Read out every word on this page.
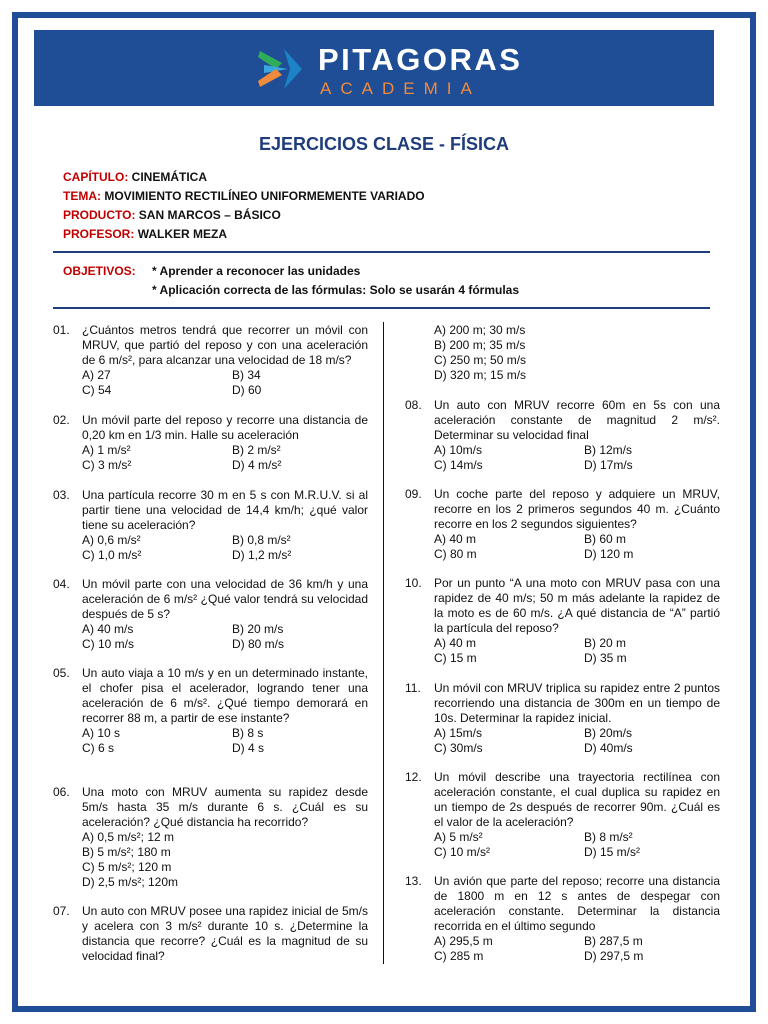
PITAGORAS
ACADEMIA
EJERCICIOS CLASE - FÍSICA
CAPÍTULO: CINEMÁTICA
TEMA: MOVIMIENTO RECTILÍNEO UNIFORMEMENTE VARIADO
PRODUCTO: SAN MARCOS – BÁSICO
PROFESOR: WALKER MEZA
OBJETIVOS: * Aprender a reconocer las unidades
* Aplicación correcta de las fórmulas: Solo se usarán 4 fórmulas
01. ¿Cuántos metros tendrá que recorrer un móvil con MRUV, que partió del reposo y con una aceleración de 6 m/s², para alcanzar una velocidad de 18 m/s?
A) 27	B) 34
C) 54	D) 60
02. Un móvil parte del reposo y recorre una distancia de 0,20 km en 1/3 min. Halle su aceleración
A) 1 m/s²	B) 2 m/s²
C) 3 m/s²	D) 4 m/s²
03. Una partícula recorre 30 m en 5 s con M.R.U.V. si al partir tiene una velocidad de 14,4 km/h; ¿qué valor tiene su aceleración?
A) 0,6 m/s²	B) 0,8 m/s²
C) 1,0 m/s²	D) 1,2 m/s²
04. Un móvil parte con una velocidad de 36 km/h y una aceleración de 6 m/s² ¿Qué valor tendrá su velocidad después de 5 s?
A) 40 m/s	B) 20 m/s
C) 10 m/s	D) 80 m/s
05. Un auto viaja a 10 m/s y en un determinado instante, el chofer pisa el acelerador, logrando tener una aceleración de 6 m/s². ¿Qué tiempo demorará en recorrer 88 m, a partir de ese instante?
A) 10 s	B) 8 s
C) 6 s	D) 4 s
06. Una moto con MRUV aumenta su rapidez desde 5m/s hasta 35 m/s durante 6 s. ¿Cuál es su aceleración? ¿Qué distancia ha recorrido?
A) 0,5 m/s²; 12 m
B) 5 m/s²; 180 m
C) 5 m/s²; 120 m
D) 2,5 m/s²; 120m
07. Un auto con MRUV posee una rapidez inicial de 5m/s y acelera con 3 m/s² durante 10 s. ¿Determine la distancia que recorre? ¿Cuál es la magnitud de su velocidad final?
A) 200 m; 30 m/s
B) 200 m; 35 m/s
C) 250 m; 50 m/s
D) 320 m; 15 m/s
08. Un auto con MRUV recorre 60m en 5s con una aceleración constante de magnitud 2 m/s². Determinar su velocidad final
A) 10m/s	B) 12m/s
C) 14m/s	D) 17m/s
09. Un coche parte del reposo y adquiere un MRUV, recorre en los 2 primeros segundos 40 m. ¿Cuánto recorre en los 2 segundos siguientes?
A) 40 m	B) 60 m
C) 80 m	D) 120 m
10. Por un punto “A una moto con MRUV pasa con una rapidez de 40 m/s; 50 m más adelante la rapidez de la moto es de 60 m/s. ¿A qué distancia de “A” partió la partícula del reposo?
A) 40 m	B) 20 m
C) 15 m	D) 35 m
11. Un móvil con MRUV triplica su rapidez entre 2 puntos recorriendo una distancia de 300m en un tiempo de 10s. Determinar la rapidez inicial.
A) 15m/s	B) 20m/s
C) 30m/s	D) 40m/s
12. Un móvil describe una trayectoria rectilínea con aceleración constante, el cual duplica su rapidez en un tiempo de 2s después de recorrer 90m. ¿Cuál es el valor de la aceleración?
A) 5 m/s²	B) 8 m/s²
C) 10 m/s²	D) 15 m/s²
13. Un avión que parte del reposo; recorre una distancia de 1800 m en 12 s antes de despegar con aceleración constante. Determinar la distancia recorrida en el último segundo
A) 295,5 m	B) 287,5 m
C) 285 m	D) 297,5 m
